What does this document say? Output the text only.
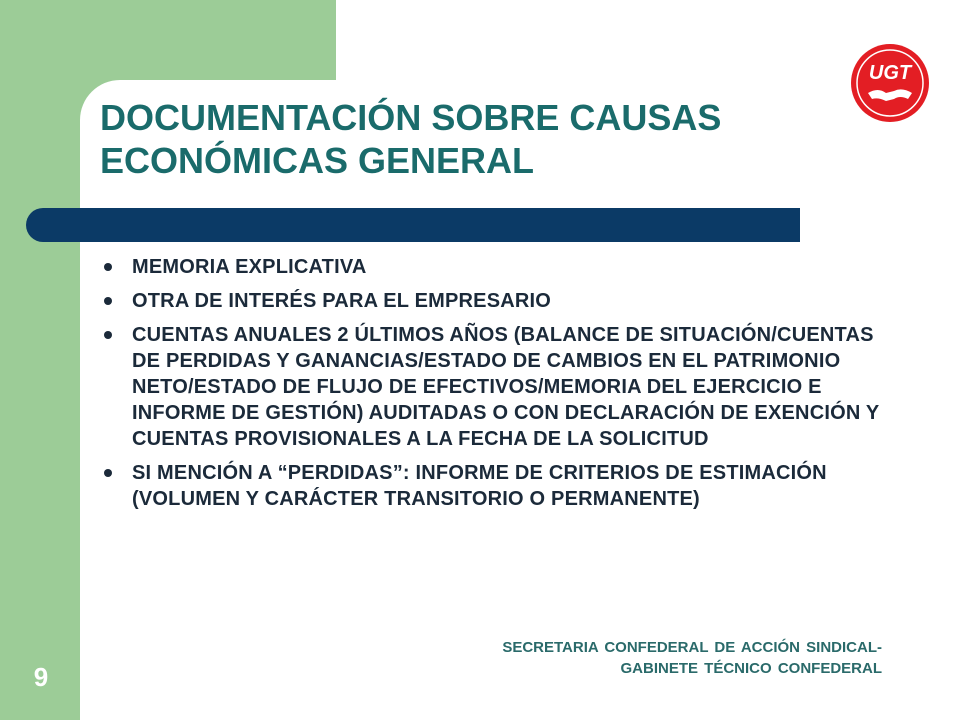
DOCUMENTACIÓN SOBRE CAUSAS
ECONÓMICAS GENERAL
UGT
MEMORIA EXPLICATIVA
OTRA DE INTERÉS PARA EL EMPRESARIO
CUENTAS ANUALES 2 ÚLTIMOS AÑOS (BALANCE DE SITUACIÓN/CUENTAS DE PERDIDAS Y GANANCIAS/ESTADO DE CAMBIOS EN EL PATRIMONIO NETO/ESTADO DE FLUJO DE EFECTIVOS/MEMORIA DEL EJERCICIO E INFORME DE GESTIÓN) AUDITADAS O CON DECLARACIÓN DE EXENCIÓN Y CUENTAS PROVISIONALES A LA FECHA DE LA SOLICITUD
SI MENCIÓN A “PERDIDAS”: INFORME DE CRITERIOS DE ESTIMACIÓN (VOLUMEN Y CARÁCTER TRANSITORIO O PERMANENTE)
SECRETARIA CONFEDERAL DE ACCIÓN SINDICAL-
GABINETE TÉCNICO CONFEDERAL
9
